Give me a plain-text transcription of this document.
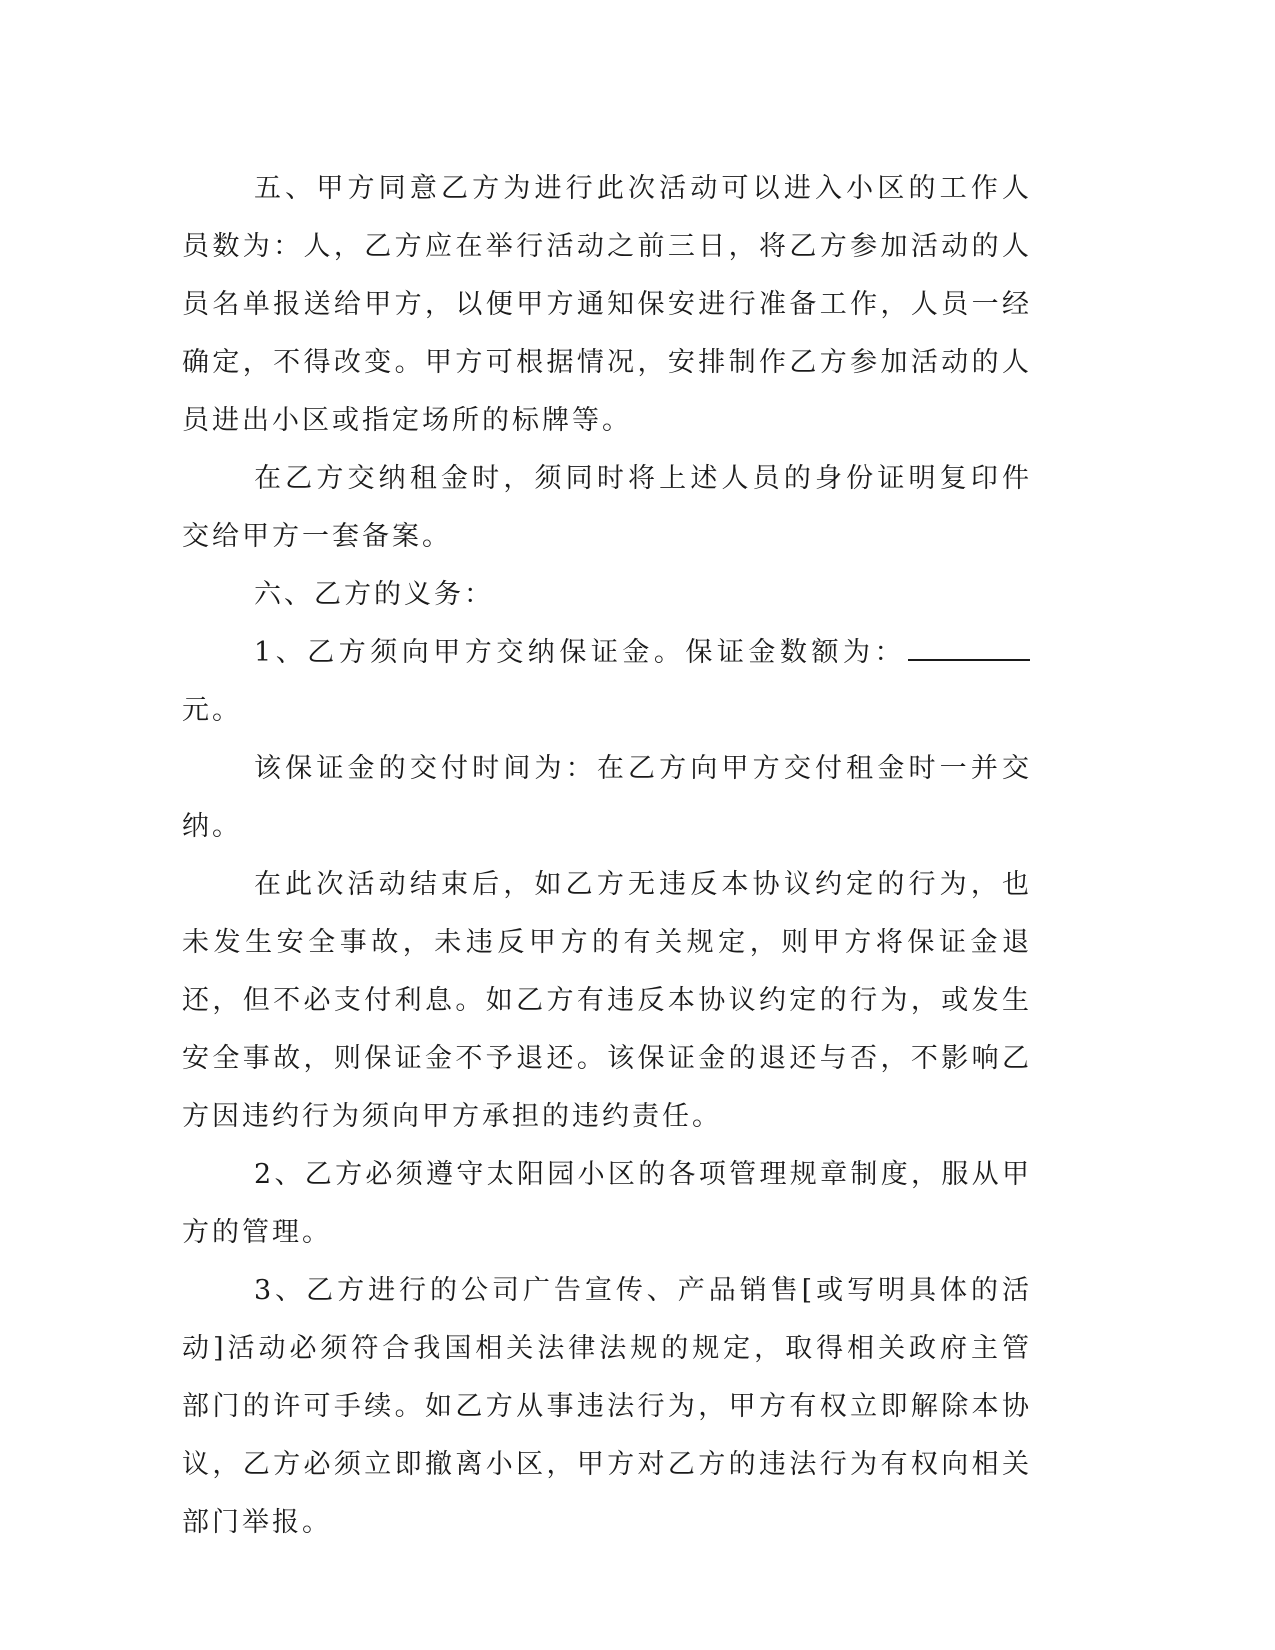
五、甲方同意乙方为进行此次活动可以进入小区的工作人员数为：人，乙方应在举行活动之前三日，将乙方参加活动的人员名单报送给甲方，以便甲方通知保安进行准备工作，人员一经确定，不得改变。甲方可根据情况，安排制作乙方参加活动的人员进出小区或指定场所的标牌等。

在乙方交纳租金时，须同时将上述人员的身份证明复印件交给甲方一套备案。

六、乙方的义务：

1、乙方须向甲方交纳保证金。保证金数额为：元。

该保证金的交付时间为：在乙方向甲方交付租金时一并交纳。

在此次活动结束后，如乙方无违反本协议约定的行为，也未发生安全事故，未违反甲方的有关规定，则甲方将保证金退还，但不必支付利息。如乙方有违反本协议约定的行为，或发生安全事故，则保证金不予退还。该保证金的退还与否，不影响乙方因违约行为须向甲方承担的违约责任。

2、乙方必须遵守太阳园小区的各项管理规章制度，服从甲方的管理。

3、乙方进行的公司广告宣传、产品销售[或写明具体的活动]活动必须符合我国相关法律法规的规定，取得相关政府主管部门的许可手续。如乙方从事违法行为，甲方有权立即解除本协议，乙方必须立即撤离小区，甲方对乙方的违法行为有权向相关部门举报。
